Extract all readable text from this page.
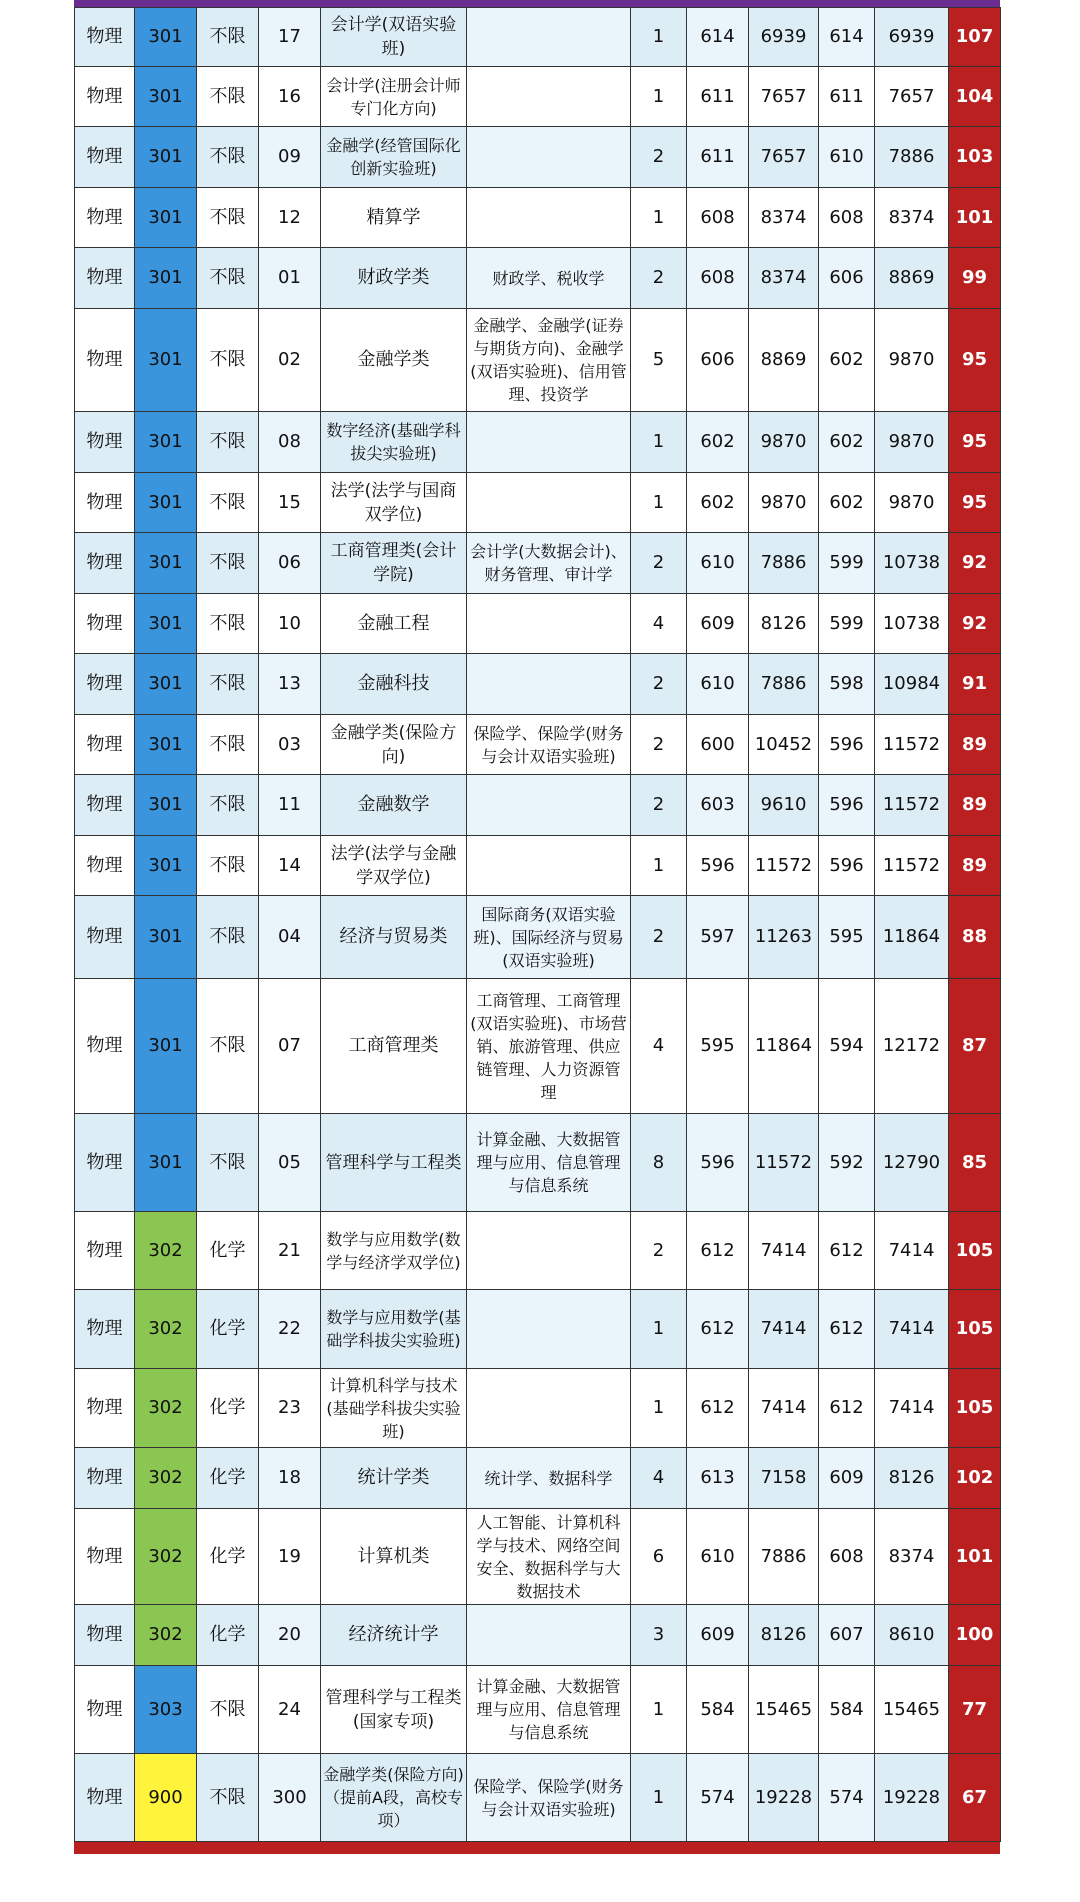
物理	301	不限	17	会计学(双语实验班)		1	614	6939	614	6939	107
物理	301	不限	16	会计学(注册会计师专门化方向)		1	611	7657	611	7657	104
物理	301	不限	09	金融学(经管国际化创新实验班)		2	611	7657	610	7886	103
物理	301	不限	12	精算学		1	608	8374	608	8374	101
物理	301	不限	01	财政学类	财政学、税收学	2	608	8374	606	8869	99
物理	301	不限	02	金融学类	金融学、金融学(证券与期货方向)、金融学(双语实验班)、信用管理、投资学	5	606	8869	602	9870	95
物理	301	不限	08	数字经济(基础学科拔尖实验班)		1	602	9870	602	9870	95
物理	301	不限	15	法学(法学与国商双学位)		1	602	9870	602	9870	95
物理	301	不限	06	工商管理类(会计学院)	会计学(大数据会计)、财务管理、审计学	2	610	7886	599	10738	92
物理	301	不限	10	金融工程		4	609	8126	599	10738	92
物理	301	不限	13	金融科技		2	610	7886	598	10984	91
物理	301	不限	03	金融学类(保险方向)	保险学、保险学(财务与会计双语实验班)	2	600	10452	596	11572	89
物理	301	不限	11	金融数学		2	603	9610	596	11572	89
物理	301	不限	14	法学(法学与金融学双学位)		1	596	11572	596	11572	89
物理	301	不限	04	经济与贸易类	国际商务(双语实验班)、国际经济与贸易(双语实验班)	2	597	11263	595	11864	88
物理	301	不限	07	工商管理类	工商管理、工商管理(双语实验班)、市场营销、旅游管理、供应链管理、人力资源管理	4	595	11864	594	12172	87
物理	301	不限	05	管理科学与工程类	计算金融、大数据管理与应用、信息管理与信息系统	8	596	11572	592	12790	85
物理	302	化学	21	数学与应用数学(数学与经济学双学位)		2	612	7414	612	7414	105
物理	302	化学	22	数学与应用数学(基础学科拔尖实验班)		1	612	7414	612	7414	105
物理	302	化学	23	计算机科学与技术(基础学科拔尖实验班)		1	612	7414	612	7414	105
物理	302	化学	18	统计学类	统计学、数据科学	4	613	7158	609	8126	102
物理	302	化学	19	计算机类	人工智能、计算机科学与技术、网络空间安全、数据科学与大数据技术	6	610	7886	608	8374	101
物理	302	化学	20	经济统计学		3	609	8126	607	8610	100
物理	303	不限	24	管理科学与工程类(国家专项)	计算金融、大数据管理与应用、信息管理与信息系统	1	584	15465	584	15465	77
物理	900	不限	300	金融学类(保险方向)（提前A段，高校专项）	保险学、保险学(财务与会计双语实验班)	1	574	19228	574	19228	67
